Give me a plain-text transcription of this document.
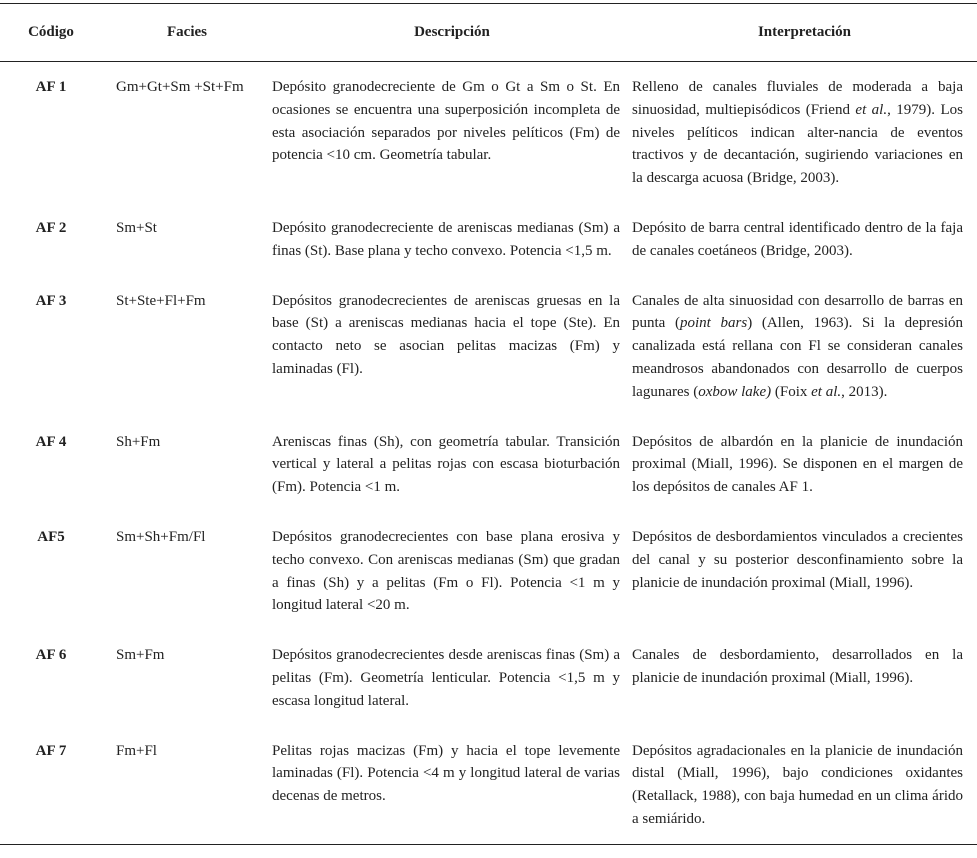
Código	Facies	Descripción	Interpretación
AF 1	Gm+Gt+Sm +St+Fm	Depósito granodecreciente de Gm o Gt a Sm o St. En ocasiones se encuentra una superposición incompleta de esta asociación separados por niveles pelíticos (Fm) de potencia <10 cm. Geometría tabular.	Relleno de canales fluviales de moderada a baja sinuosidad, multiepisódicos (Friend et al., 1979). Los niveles pelíticos indican alter-nancia de eventos tractivos y de decantación, sugiriendo variaciones en la descarga acuosa (Bridge, 2003).
AF 2	Sm+St	Depósito granodecreciente de areniscas medianas (Sm) a finas (St). Base plana y techo convexo. Potencia <1,5 m.	Depósito de barra central identificado dentro de la faja de canales coetáneos (Bridge, 2003).
AF 3	St+Ste+Fl+Fm	Depósitos granodecrecientes de areniscas gruesas en la base (St) a areniscas medianas hacia el tope (Ste). En contacto neto se asocian pelitas macizas (Fm) y laminadas (Fl).	Canales de alta sinuosidad con desarrollo de barras en punta (point bars) (Allen, 1963). Si la depresión canalizada está rellana con Fl se consideran canales meandrosos abandonados con desarrollo de cuerpos lagunares (oxbow lake) (Foix et al., 2013).
AF 4	Sh+Fm	Areniscas finas (Sh), con geometría tabular. Transición vertical y lateral a pelitas rojas con escasa bioturbación (Fm). Potencia <1 m.	Depósitos de albardón en la planicie de inundación proximal (Miall, 1996). Se disponen en el margen de los depósitos de canales AF 1.
AF5	Sm+Sh+Fm/Fl	Depósitos granodecrecientes con base plana erosiva y techo convexo. Con areniscas medianas (Sm) que gradan a finas (Sh) y a pelitas (Fm o Fl). Potencia <1 m y longitud lateral <20 m.	Depósitos de desbordamientos vinculados a crecientes del canal y su posterior desconfinamiento sobre la planicie de inundación proximal (Miall, 1996).
AF 6	Sm+Fm	Depósitos granodecrecientes desde areniscas finas (Sm) a pelitas (Fm). Geometría lenticular. Potencia <1,5 m y escasa longitud lateral.	Canales de desbordamiento, desarrollados en la planicie de inundación proximal (Miall, 1996).
AF 7	Fm+Fl	Pelitas rojas macizas (Fm) y hacia el tope levemente laminadas (Fl). Potencia <4 m y longitud lateral de varias decenas de metros.	Depósitos agradacionales en la planicie de inundación distal (Miall, 1996), bajo condiciones oxidantes (Retallack, 1988), con baja humedad en un clima árido a semiárido.
